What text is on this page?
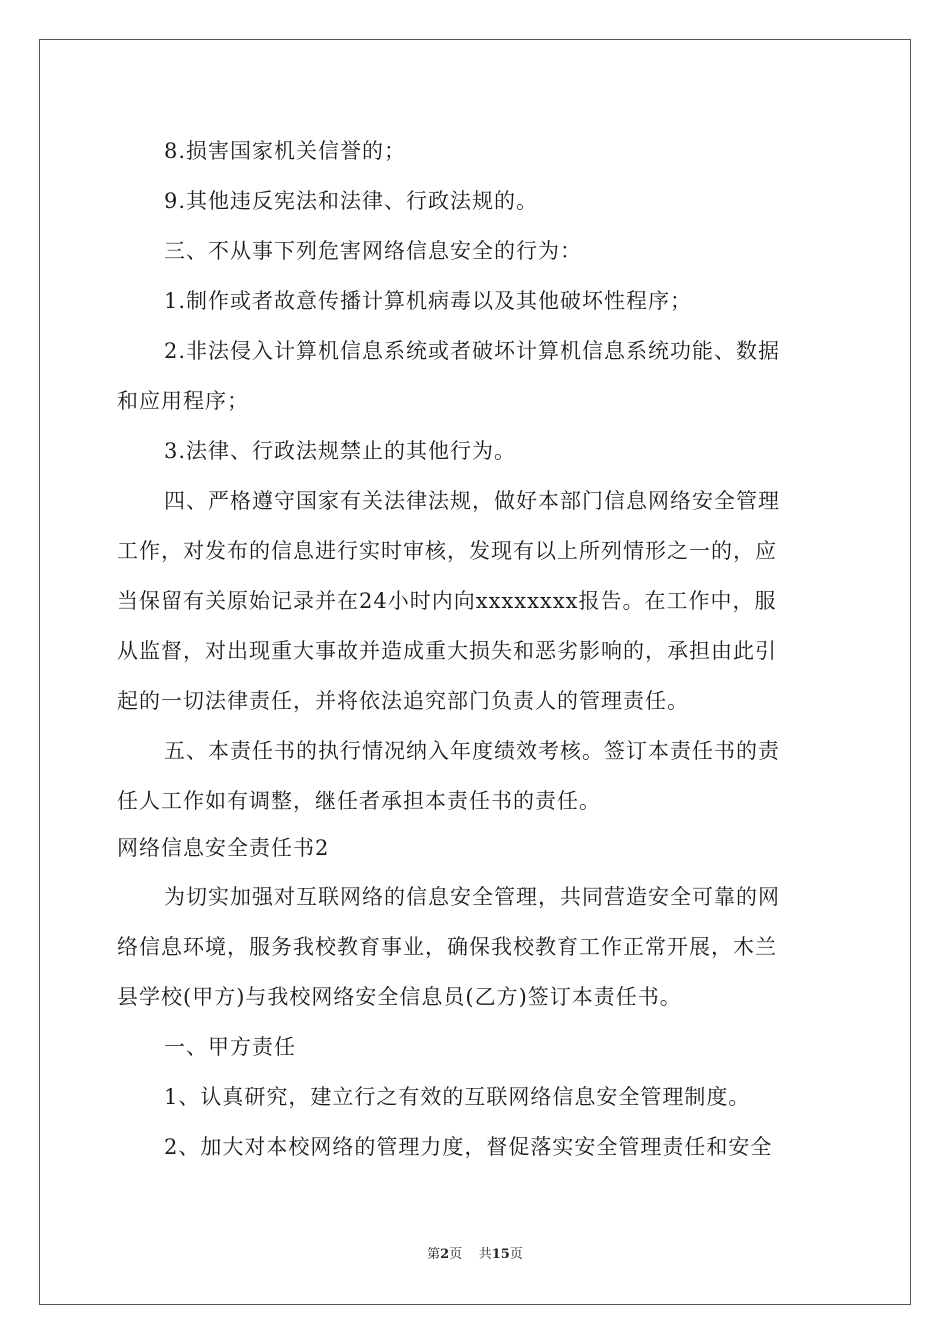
8.损害国家机关信誉的；
9.其他违反宪法和法律、行政法规的。
三、不从事下列危害网络信息安全的行为：
1.制作或者故意传播计算机病毒以及其他破坏性程序；
2.非法侵入计算机信息系统或者破坏计算机信息系统功能、数据
和应用程序；
3.法律、行政法规禁止的其他行为。
四、严格遵守国家有关法律法规，做好本部门信息网络安全管理
工作，对发布的信息进行实时审核，发现有以上所列情形之一的，应
当保留有关原始记录并在24小时内向xxxxxxxx报告。在工作中，服
从监督，对出现重大事故并造成重大损失和恶劣影响的，承担由此引
起的一切法律责任，并将依法追究部门负责人的管理责任。
五、本责任书的执行情况纳入年度绩效考核。签订本责任书的责
任人工作如有调整，继任者承担本责任书的责任。
网络信息安全责任书2
为切实加强对互联网络的信息安全管理，共同营造安全可靠的网
络信息环境，服务我校教育事业，确保我校教育工作正常开展，木兰
县学校(甲方)与我校网络安全信息员(乙方)签订本责任书。
一、甲方责任
1、认真研究，建立行之有效的互联网络信息安全管理制度。
2、加大对本校网络的管理力度，督促落实安全管理责任和安全
第2页 共15页
